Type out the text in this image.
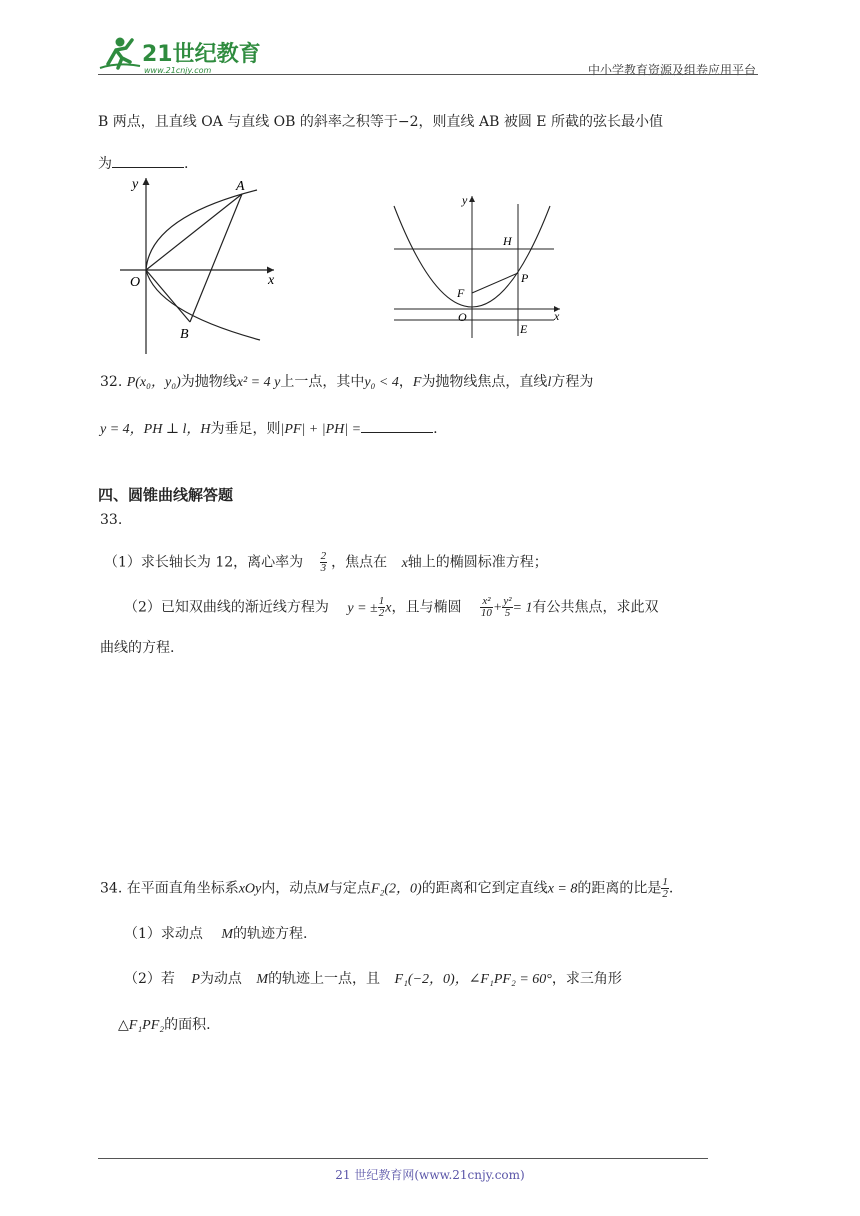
21世纪教育
www.21cnjy.com	中小学教育资源及组卷应用平台
B 两点，且直线 OA 与直线 OB 的斜率之积等于−2，则直线 AB 被圆 E 所截的弦长最小值
为	.
y
x
O
A
B
y
x
O
H
P
F
E
32. P(x₀，y₀)为抛物线x² = 4 y上一点，其中y₀ < 4，F为抛物线焦点，直线l方程为
y = 4，PH ⊥ l，H为垂足，则|PF| + |PH| =	.
四、圆锥曲线解答题
33.
（1）求长轴长为 12，离心率为 $\frac{2}{3}$ ，焦点在 x轴上的椭圆标准方程；
（2）已知双曲线的渐近线方程为 y = ± $\frac{1}{2}$ x，且与椭圆 $\frac{\text{x²}}{10} + \frac{\text{y²}}{5} = 1$有公共焦点，求此双
曲线的方程.
34. 在平面直角坐标系xOy内，动点M与定点F₂(2，0)的距离和它到定直线x = 8的距离的比是 $\frac{1}{2}$ .
（1）求动点 M的轨迹方程.
（2）若 P为动点 M的轨迹上一点，且 F₁(−2，0)，∠F₁PF₂ = 60°，求三角形
△F₁PF₂的面积.
21 世纪教育网(www.21cnjy.com)
